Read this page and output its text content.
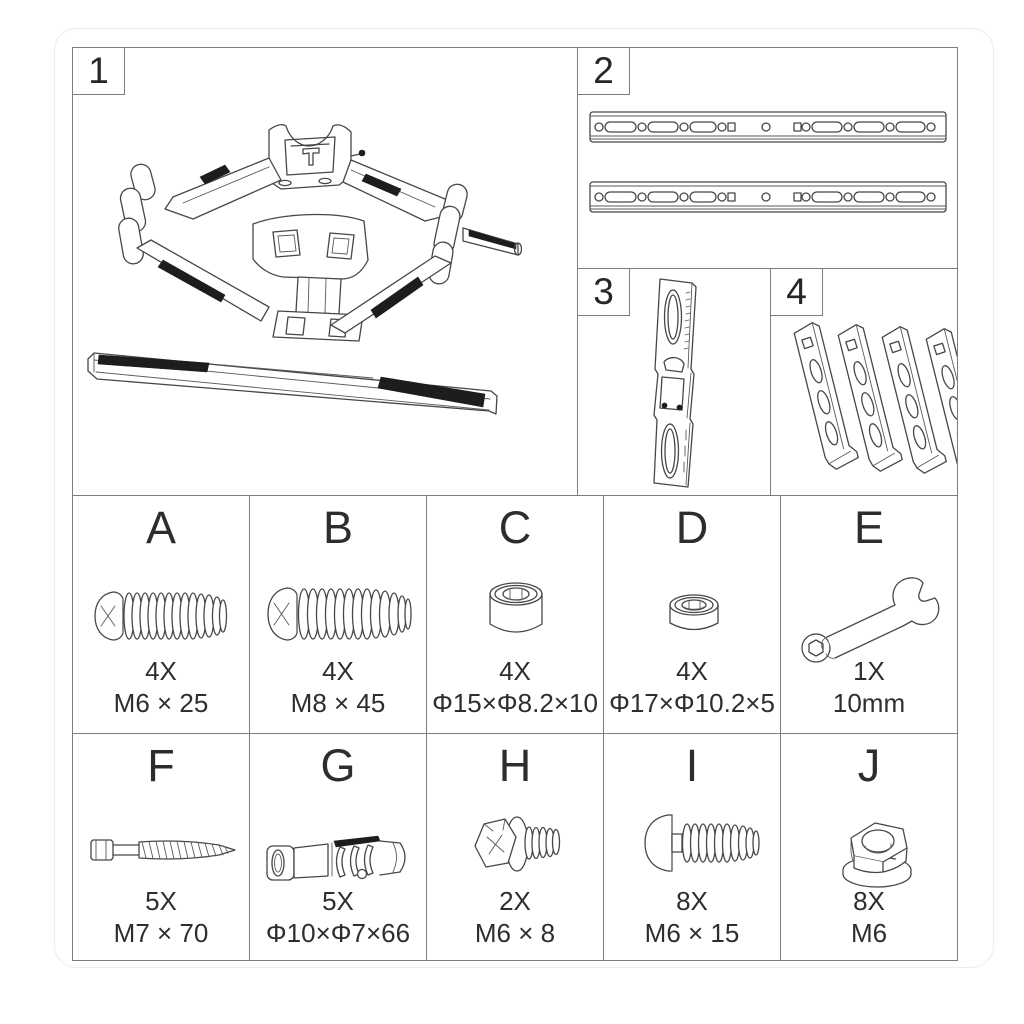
1	2
3	4
A
4X
M6 × 25
B
4X
M8 × 45
C
4X
Φ15×Φ8.2×10
D
4X
Φ17×Φ10.2×5
E
1X
10mm
F
5X
M7 × 70
G
5X
Φ10×Φ7×66
H
2X
M6 × 8
I
8X
M6 × 15
J
8X
M6
